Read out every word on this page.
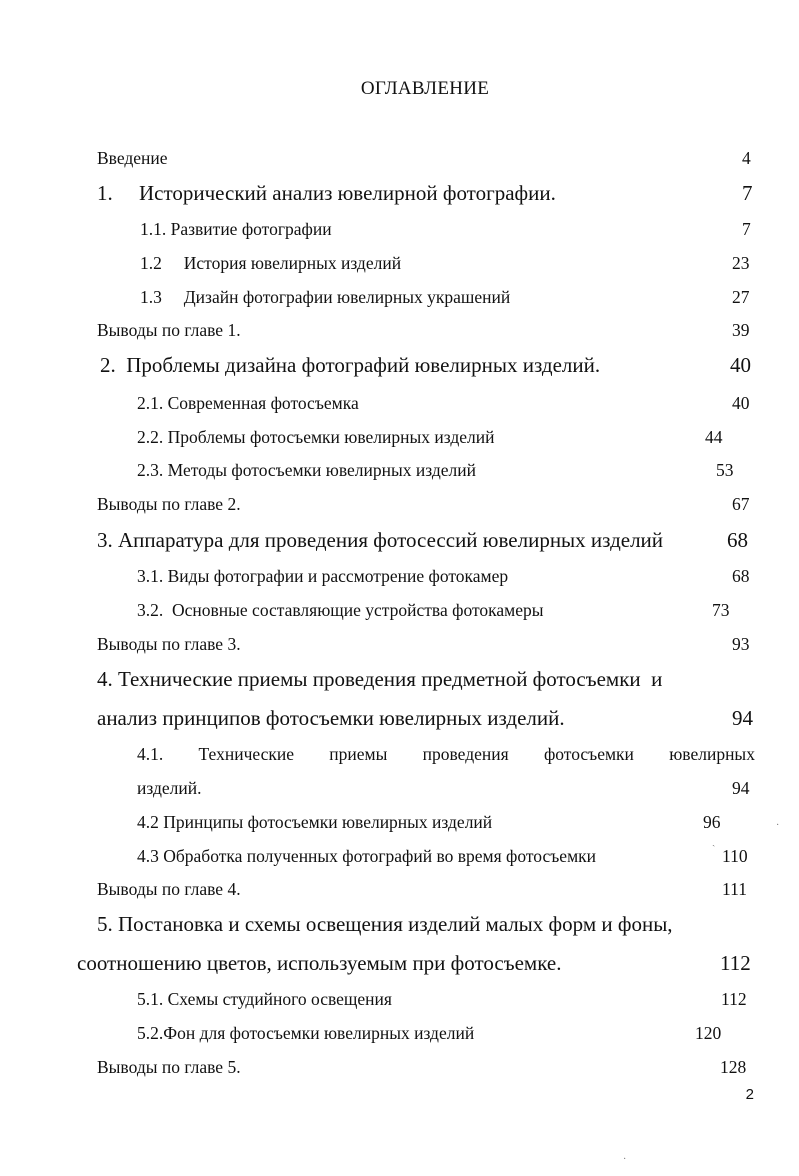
ОГЛАВЛЕНИЕ
Введение	4
1.     Исторический анализ ювелирной фотографии.	7
1.1. Развитие фотографии	7
1.2     История ювелирных изделий	23
1.3     Дизайн фотографии ювелирных украшений	27
Выводы по главе 1.	39
2.  Проблемы дизайна фотографий ювелирных изделий.	40
2.1. Современная фотосъемка	40
2.2. Проблемы фотосъемки ювелирных изделий	44
2.3. Методы фотосъемки ювелирных изделий	53
Выводы по главе 2.	67
3. Аппаратура для проведения фотосессий ювелирных изделий	68
3.1. Виды фотографии и рассмотрение фотокамер	68
3.2.  Основные составляющие устройства фотокамеры	73
Выводы по главе 3.	93
4. Технические приемы проведения предметной фотосъемки  и
анализ принципов фотосъемки ювелирных изделий.	94
4.1. Технические приемы проведения фотосъемки ювелирных
изделий.	94
4.2 Принципы фотосъемки ювелирных изделий	96
4.3 Обработка полученных фотографий во время фотосъемки	110
Выводы по главе 4.	111
5. Постановка и схемы освещения изделий малых форм и фоны,
соотношению цветов, используемым при фотосъемке.	112
5.1. Схемы студийного освещения	112
5.2.Фон для фотосъемки ювелирных изделий	120
Выводы по главе 5.	128
2
·
ˏ
·
